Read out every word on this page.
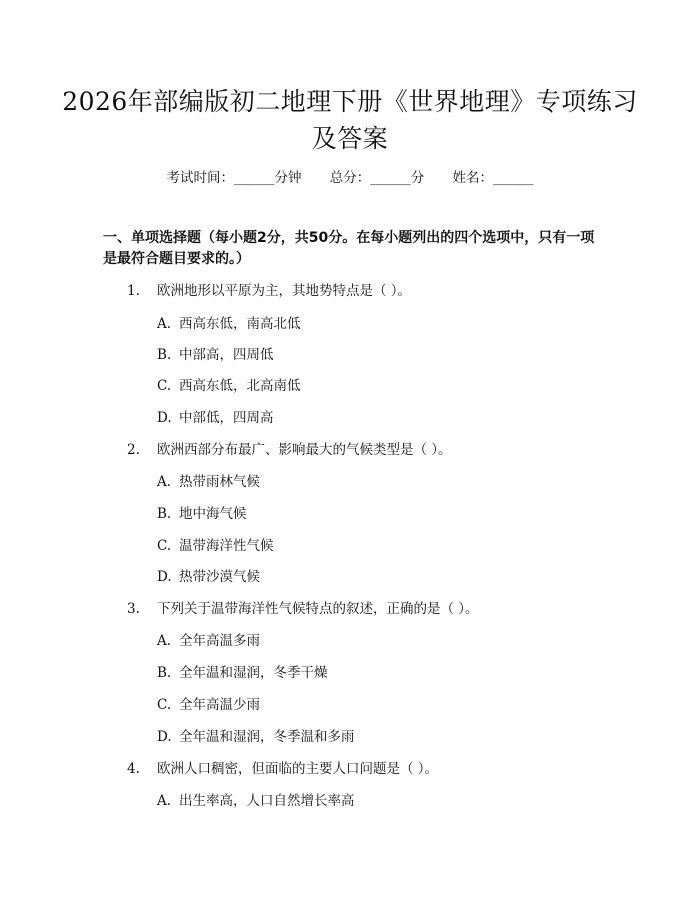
2026年部编版初二地理下册《世界地理》专项练习及答案
考试时间：______分钟 总分：______分 姓名：______
一、单项选择题（每小题2分，共50分。在每小题列出的四个选项中，只有一项是最符合题目要求的。）
1. 欧洲地形以平原为主，其地势特点是（ ）。
A. 西高东低，南高北低
B. 中部高，四周低
C. 西高东低，北高南低
D. 中部低，四周高
2. 欧洲西部分布最广、影响最大的气候类型是（ ）。
A. 热带雨林气候
B. 地中海气候
C. 温带海洋性气候
D. 热带沙漠气候
3. 下列关于温带海洋性气候特点的叙述，正确的是（ ）。
A. 全年高温多雨
B. 全年温和湿润，冬季干燥
C. 全年高温少雨
D. 全年温和湿润，冬季温和多雨
4. 欧洲人口稠密，但面临的主要人口问题是（ ）。
A. 出生率高，人口自然增长率高
